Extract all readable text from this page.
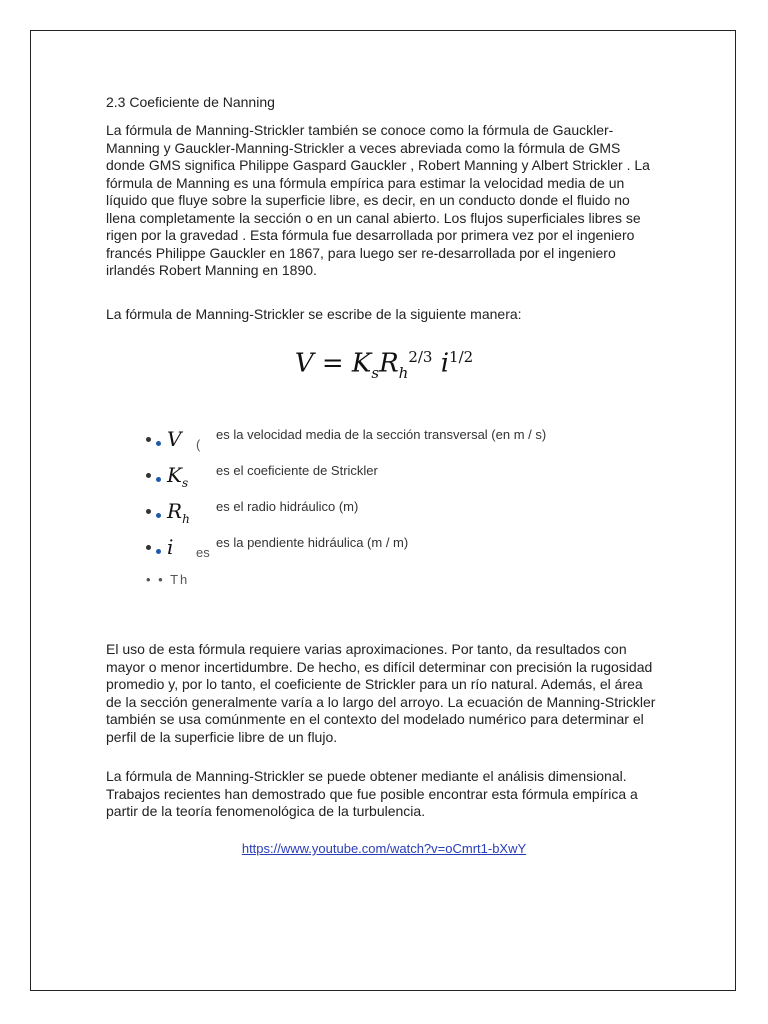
2.3 Coeficiente de Nanning

La fórmula de Manning-Strickler también se conoce como la fórmula de Gauckler-Manning y Gauckler-Manning-Strickler a veces abreviada como la fórmula de GMS donde GMS significa Philippe Gaspard Gauckler , Robert Manning y Albert Strickler . La fórmula de Manning es una fórmula empírica para estimar la velocidad media de un líquido que fluye sobre la superficie libre, es decir, en un conducto donde el fluido no llena completamente la sección o en un canal abierto. Los flujos superficiales libres se rigen por la gravedad . Esta fórmula fue desarrollada por primera vez por el ingeniero francés Philippe Gauckler en 1867, para luego ser re-desarrollada por el ingeniero irlandés Robert Manning en 1890.

La fórmula de Manning-Strickler se escribe de la siguiente manera:

$V = K_sR_h^{2/3}$ $i^{1/2}$
V (
es la velocidad media de la sección transversal (en m / s)
$K_s$
es el coeficiente de Strickler
$R_h$
es el radio hidráulico (m)
i es
es la pendiente hidráulica (m / m)
• • Th

El uso de esta fórmula requiere varias aproximaciones. Por tanto, da resultados con mayor o menor incertidumbre. De hecho, es difícil determinar con precisión la rugosidad promedio y, por lo tanto, el coeficiente de Strickler para un río natural. Además, el área de la sección generalmente varía a lo largo del arroyo. La ecuación de Manning-Strickler también se usa comúnmente en el contexto del modelado numérico para determinar el perfil de la superficie libre de un flujo.

La fórmula de Manning-Strickler se puede obtener mediante el análisis dimensional. Trabajos recientes han demostrado que fue posible encontrar esta fórmula empírica a partir de la teoría fenomenológica de la turbulencia.

https://www.youtube.com/watch?v=oCmrt1-bXwY
